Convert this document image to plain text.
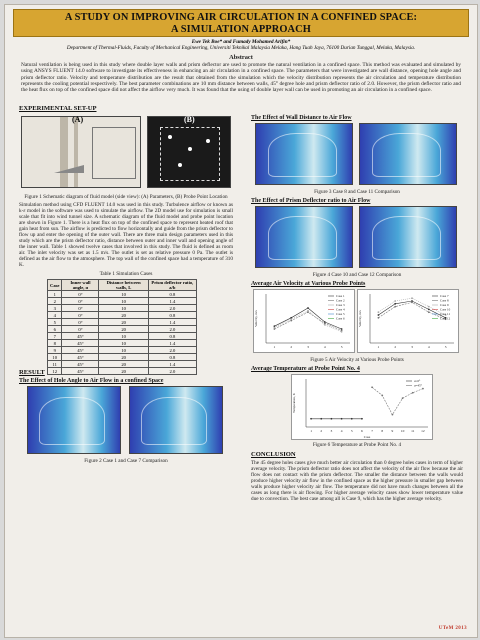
A STUDY ON IMPROVING AIR CIRCULATION IN A CONFINED SPACE:
A SIMULATION APPROACH
Ewe Tek Boe* and Fumady Mohamed Arifin*
Department of Thermal-Fluids, Faculty of Mechanical Engineering, Universiti Teknikal Malaysia Melaka, Hang Tuah Jaya, 76100 Durian Tunggal, Melaka, Malaysia.
Abstract
Natural ventilation is being used in this study where double layer walls and prism deflector are used to promote the natural ventilation in a confined space. This method was evaluated and simulated by using ANSYS FLUENT 14.0 software to investigate its effectiveness in enhancing an air circulation in a confined space. The parameters that were investigated are wall distance, opening hole angle and prism deflector ratio. Velocity and temperature distribution are the result that obtained from the simulation which the velocity distribution represents the air circulation and temperature distribution represents the cooling potential respectively. The best parameter combinations are 10 mm distance between walls, 45° degree hole and prism deflector ratio of 2.0. However, the prism deflector ratio and the heat flux on top of the confined space did not affect the airflow very much. It was found that the using of double layer wall can be used in promoting an air circulation in a confined space.
EXPERIMENTAL SET-UP
(A)	(B)
Figure 1 Schematic diagram of fluid model (side view): (A) Parameters, (B) Probe Point Location

Simulation method using CFD FLUENT 14.0 was used in this study. Turbulence airflow or known as k-ε model in the software was used to simulate the airflow. The 2D model use for simulation is small scale that fit into wind tunnel size. A schematic diagram of the fluid model and probe point location are shown in Figure 1. There is a heat flux on top of the confined space to represent heated roof that gain heat from sun. The airflow is predicted to flow horizontally and guide from the prism deflector to flow up and enter the opening of the outer wall. There are three main design parameters used in this study which are the prism deflector ratio, distance between outer and inner wall and opening angle of the inner wall. Table 1 showed twelve cases that involved in this study. The fluid is defined as room air. The inlet velocity was set as 1.5 m/s. The outlet is set as relative pressure 0 Pa. The outlet is defined as the air flow to the atmosphere. The top wall of the confined space had a temperature of 310 K.

Table 1 Simulation Cases
Case	Inner wall angle, α	Distance between walls, L	Prism deflector ratio, a/b
1	0°	10	0.8
2	0°	10	1.4
3	0°	10	2.0
4	0°	20	0.8
5	0°	20	1.4
6	0°	20	2.0
7	45°	10	0.8
8	45°	10	1.4
9	45°	10	2.0
10	45°	20	0.8
11	45°	20	1.4
12	45°	20	2.0
RESULT
The Effect of Hole Angle to Air Flow in a confined Space
Figure 2 Case 1 and Case 7 Comparison
The Effect of Wall Distance to Air Flow
Figure 3 Case 8 and Case 11 Comparison
The Effect of Prism Deflector ratio to Air Flow
Figure 4 Case 10 and Case 12 Comparison
Average Air Velocity at Various Probe Points
1	2	3	4	5
Velocity, m/s
Case 1
Case 2
Case 3
Case 4
Case 5
Case 6
1	2	3	4	5
Velocity, m/s
Case 7
Case 8
Case 9
Case 10
Case 11
Case 12
Figure 5 Air Velocity at Various Probe Points
Average Temperature at Probe Point No. 4
1 2 3 4 5 6 7 8 9 10 11 12
Temperature, K
Case
α=0°
α=45°
Figure 6 Temperature at Probe Point No. 4
CONCLUSION

The 45 degree holes cases give much better air circulation than 0 degree holes cases in term of higher average velocity. The prism deflector ratio does not affect the velocity of the air flow because the air flow does not contact with the prism deflector. The smaller the distance between the walls would produce higher velocity air flow in the confined space as the higher pressure in smaller gap between walls produce higher velocity air flow. The temperature did not have much changes between all the cases as long there is air flowing. For higher average velocity cases show lower temperature value due to convection. The best case among all is Case 9, which has the higher average velocity.

UTeM 2013
